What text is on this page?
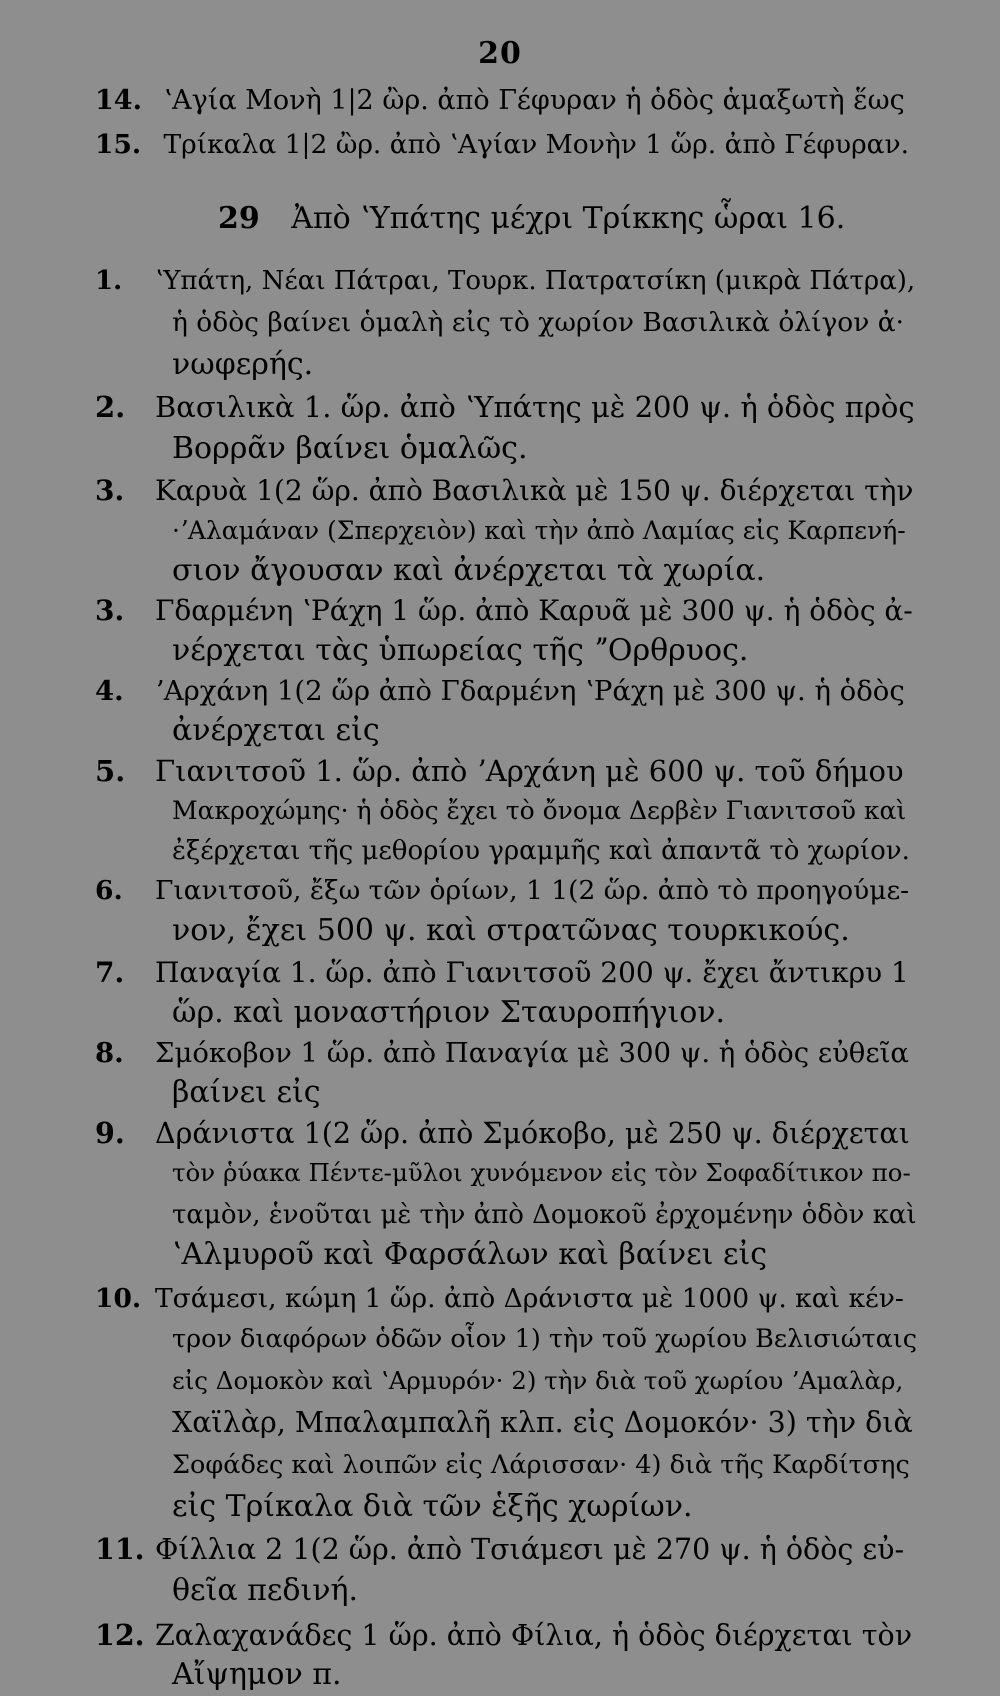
20
14. ʽΑγία Μονὴ 1|2 ὢρ. ἀπὸ Γέφυραν ἡ ὁδὸς ἁμαξωτὴ ἕως
15. Τρίκαλα 1|2 ὢρ. ἀπὸ ʽΑγίαν Μονὴν 1 ὥρ. ἀπὸ Γέφυραν.
29 Ἀπὸ ʽΥπάτης μέχρι Τρίκκης ὧραι 16.
1. ʽΥπάτη, Νέαι Πάτραι, Τουρκ. Πατρατσίκη (μικρὰ Πάτρα),
ἡ ὁδὸς βαίνει ὁμαλὴ εἰς τὸ χωρίον Βασιλικὰ ὀλίγον ἀ·
νωφερής.
2. Βασιλικὰ 1. ὥρ. ἀπὸ ʽΥπάτης μὲ 200 ψ. ἡ ὁδὸς πρὸς
Βορρᾶν βαίνει ὁμαλῶς.
3. Καρυὰ 1(2 ὥρ. ἀπὸ Βασιλικὰ μὲ 150 ψ. διέρχεται τὴν
·ʼΑλαμάναν (Σπερχειὸν) καὶ τὴν ἀπὸ Λαμίας εἰς Καρπενή-
σιον ἄγουσαν καὶ ἀνέρχεται τὰ χωρία.
3. Γδαρμένη ʽΡάχη 1 ὥρ. ἀπὸ Καρυᾶ μὲ 300 ψ. ἡ ὁδὸς ἀ-
νέρχεται τὰς ὑπωρείας τῆς ˮΟρθρυος.
4. ʼΑρχάνη 1(2 ὥρ ἀπὸ Γδαρμένη ʽΡάχη μὲ 300 ψ. ἡ ὁδὸς
ἀνέρχεται εἰς
5. Γιανιτσοῦ 1. ὥρ. ἀπὸ ʼΑρχάνη μὲ 600 ψ. τοῦ δήμου
Μακροχώμης· ἡ ὁδὸς ἔχει τὸ ὄνομα Δερβὲν Γιανιτσοῦ καὶ
ἐξέρχεται τῆς μεθορίου γραμμῆς καὶ ἀπαντᾶ τὸ χωρίον.
6. Γιανιτσοῦ, ἔξω τῶν ὁρίων, 1 1(2 ὥρ. ἀπὸ τὸ προηγούμε-
νον, ἔχει 500 ψ. καὶ στρατῶνας τουρκικούς.
7. Παναγία 1. ὥρ. ἀπὸ Γιανιτσοῦ 200 ψ. ἔχει ἄντικρυ 1
ὥρ. καὶ μοναστήριον Σταυροπήγιον.
8. Σμόκοβον 1 ὥρ. ἀπὸ Παναγία μὲ 300 ψ. ἡ ὁδὸς εὐθεῖα
βαίνει εἰς
9. Δράνιστα 1(2 ὥρ. ἀπὸ Σμόκοβο, μὲ 250 ψ. διέρχεται
τὸν ῥύακα Πέντε-μῦλοι χυνόμενον εἰς τὸν Σοφαδίτικον πο-
ταμὸν, ἑνοῦται μὲ τὴν ἀπὸ Δομοκοῦ ἐρχομένην ὁδὸν καὶ
ʽΑλμυροῦ καὶ Φαρσάλων καὶ βαίνει εἰς
10. Τσάμεσι, κώμη 1 ὥρ. ἀπὸ Δράνιστα μὲ 1000 ψ. καὶ κέν-
τρον διαφόρων ὁδῶν οἷον 1) τὴν τοῦ χωρίου Βελισιώταις
εἰς Δομοκὸν καὶ ʽΑρμυρόν· 2) τὴν διὰ τοῦ χωρίου ʼΑμαλὰρ,
Χαϊλὰρ, Μπαλαμπαλῆ κλπ. εἰς Δομοκόν· 3) τὴν διὰ
Σοφάδες καὶ λοιπῶν εἰς Λάρισσαν· 4) διὰ τῆς Καρδίτσης
εἰς Τρίκαλα διὰ τῶν ἑξῆς χωρίων.
11. Φίλλια 2 1(2 ὥρ. ἀπὸ Τσιάμεσι μὲ 270 ψ. ἡ ὁδὸς εὐ-
θεῖα πεδινή.
12. Ζαλαχανάδες 1 ὥρ. ἀπὸ Φίλια, ἡ ὁδὸς διέρχεται τὸν
Αἴψημον π.
